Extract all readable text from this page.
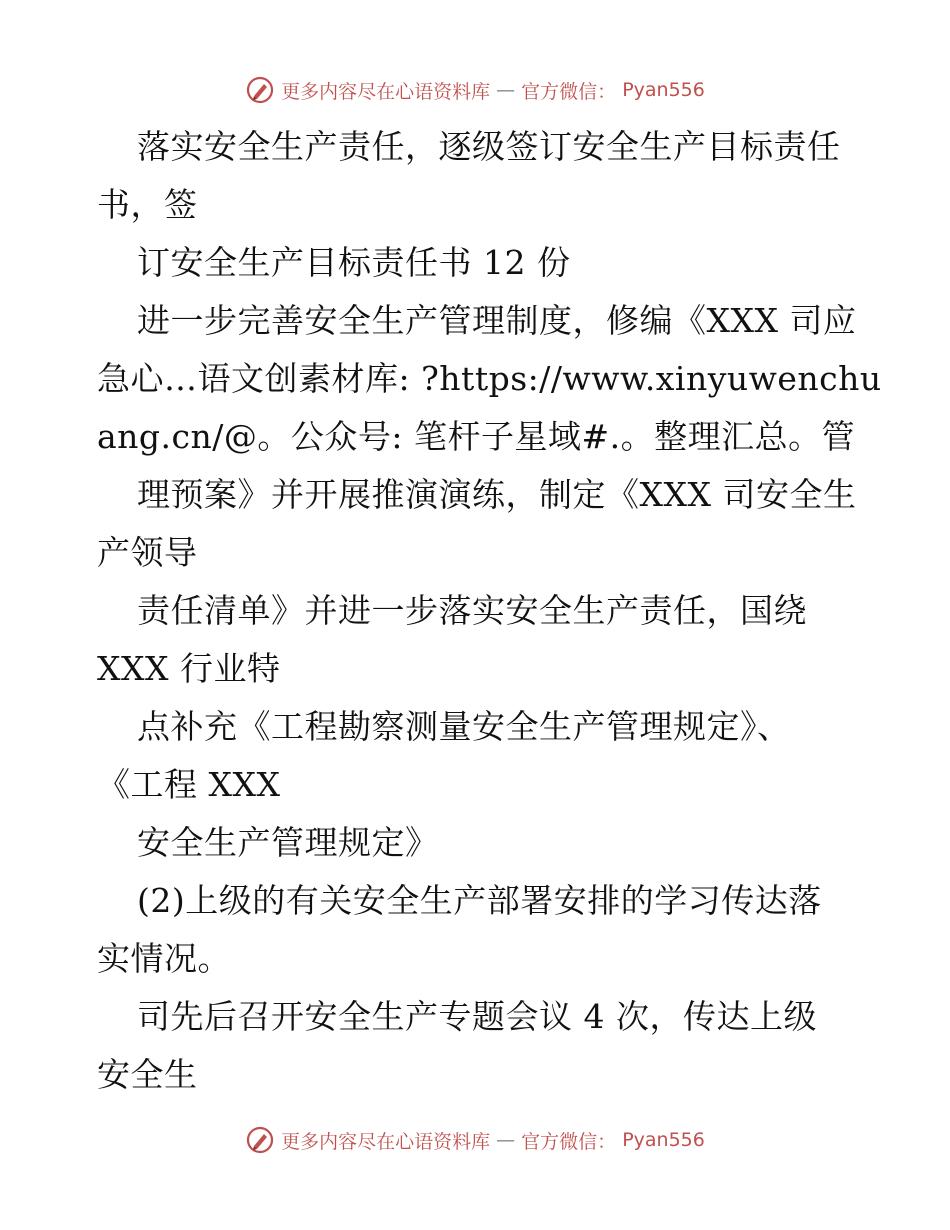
更多内容尽在心语资料库 — 官方微信： Pyan556

落实安全生产责任，逐级签订安全生产目标责任

书，签

订安全生产目标责任书 12 份

进一步完善安全生产管理制度，修编《XXX 司应

急心…语文创素材库: ?https://www.xinyuwenchu

ang.cn/@。公众号: 笔杆子星域#.。整理汇总。管

理预案》并开展推演演练，制定《XXX 司安全生

产领导

责任清单》并进一步落实安全生产责任，国绕

XXX 行业特

点补充《工程勘察测量安全生产管理规定》、

《工程 XXX

安全生产管理规定》

(2)上级的有关安全生产部署安排的学习传达落

实情况。

司先后召开安全生产专题会议 4 次，传达上级

安全生

更多内容尽在心语资料库 — 官方微信： Pyan556
